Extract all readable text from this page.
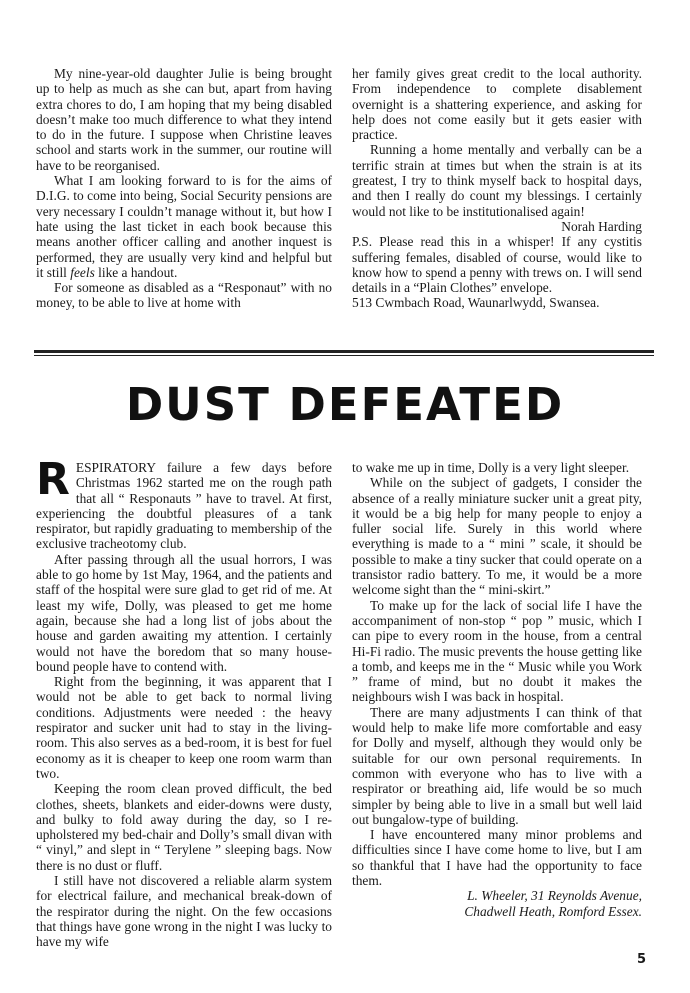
My nine-year-old daughter Julie is being brought up to help as much as she can but, apart from having extra chores to do, I am hoping that my being disabled doesn’t make too much difference to what they intend to do in the future. I suppose when Christine leaves school and starts work in the summer, our routine will have to be reorganised.

What I am looking forward to is for the aims of D.I.G. to come into being, Social Security pensions are very necessary I couldn’t manage without it, but how I hate using the last ticket in each book because this means another officer calling and another inquest is performed, they are usually very kind and helpful but it still feels like a handout.

For someone as disabled as a “Responaut” with no money, to be able to live at home with

her family gives great credit to the local authority. From independence to complete disablement overnight is a shattering experience, and asking for help does not come easily but it gets easier with practice.

Running a home mentally and verbally can be a terrific strain at times but when the strain is at its greatest, I try to think myself back to hospital days, and then I really do count my blessings. I certainly would not like to be institutionalised again!

Norah Harding

P.S. Please read this in a whisper! If any cystitis suffering females, disabled of course, would like to know how to spend a penny with trews on. I will send details in a “Plain Clothes” envelope.

513 Cwmbach Road, Waunarlwydd, Swansea.

DUST DEFEATED

RESPIRATORY failure a few days before Christmas 1962 started me on the rough path that all “ Responauts ” have to travel. At first, experiencing the doubtful pleasures of a tank respirator, but rapidly graduating to membership of the exclusive tracheotomy club.

After passing through all the usual horrors, I was able to go home by 1st May, 1964, and the patients and staff of the hospital were sure glad to get rid of me. At least my wife, Dolly, was pleased to get me home again, because she had a long list of jobs about the house and garden awaiting my attention. I certainly would not have the boredom that so many house-bound people have to contend with.

Right from the beginning, it was apparent that I would not be able to get back to normal living conditions. Adjustments were needed : the heavy respirator and sucker unit had to stay in the living-room. This also serves as a bed-room, it is best for fuel economy as it is cheaper to keep one room warm than two.

Keeping the room clean proved difficult, the bed clothes, sheets, blankets and eider-downs were dusty, and bulky to fold away during the day, so I re-upholstered my bed-chair and Dolly’s small divan with “ vinyl,” and slept in “ Terylene ” sleeping bags. Now there is no dust or fluff.

I still have not discovered a reliable alarm system for electrical failure, and mechanical break-down of the respirator during the night. On the few occasions that things have gone wrong in the night I was lucky to have my wife

to wake me up in time, Dolly is a very light sleeper.

While on the subject of gadgets, I consider the absence of a really miniature sucker unit a great pity, it would be a big help for many people to enjoy a fuller social life. Surely in this world where everything is made to a “ mini ” scale, it should be possible to make a tiny sucker that could operate on a transistor radio battery. To me, it would be a more welcome sight than the “ mini-skirt.”

To make up for the lack of social life I have the accompaniment of non-stop “ pop ” music, which I can pipe to every room in the house, from a central Hi-Fi radio. The music prevents the house getting like a tomb, and keeps me in the “ Music while you Work ” frame of mind, but no doubt it makes the neighbours wish I was back in hospital.

There are many adjustments I can think of that would help to make life more comfortable and easy for Dolly and myself, although they would only be suitable for our own personal requirements. In common with everyone who has to live with a respirator or breathing aid, life would be so much simpler by being able to live in a small but well laid out bungalow-type of building.

I have encountered many minor problems and difficulties since I have come home to live, but I am so thankful that I have had the opportunity to face them.

L. Wheeler, 31 Reynolds Avenue,

Chadwell Heath, Romford Essex.

5
